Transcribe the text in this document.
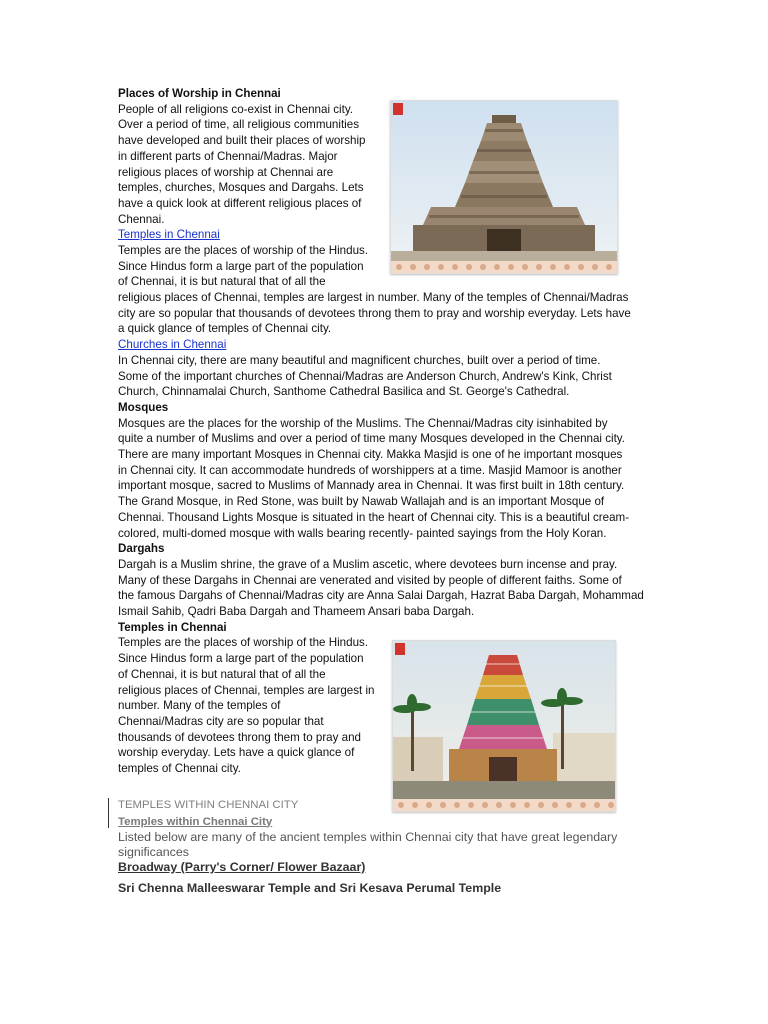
Places of Worship in Chennai

People of all religions co-exist in Chennai city.

Over a period of time, all religious communities

have developed and built their places of worship

in different parts of Chennai/Madras. Major

religious places of worship at Chennai are

temples, churches, Mosques and Dargahs. Lets

have a quick look at different religious places of

Chennai.

Temples in Chennai

Temples are the places of worship of the Hindus.

Since Hindus form a large part of the population

of Chennai, it is but natural that of all the

religious places of Chennai, temples are largest in number. Many of the temples of Chennai/Madras

city are so popular that thousands of devotees throng them to pray and worship everyday. Lets have

a quick glance of temples of Chennai city.

Churches in Chennai

In Chennai city, there are many beautiful and magnificent churches, built over a period of time.

Some of the important churches of Chennai/Madras are Anderson Church, Andrew's Kink, Christ

Church, Chinnamalai Church, Santhome Cathedral Basilica and St. George's Cathedral.

Mosques

Mosques are the places for the worship of the Muslims. The Chennai/Madras city isinhabited by

quite a number of Muslims and over a period of time many Mosques developed in the Chennai city.

There are many important Mosques in Chennai city. Makka Masjid is one of he important mosques

in Chennai city. It can accommodate hundreds of worshippers at a time. Masjid Mamoor is another

important mosque, sacred to Muslims of Mannady area in Chennai. It was first built in 18th century.

The Grand Mosque, in Red Stone, was built by Nawab Wallajah and is an important Mosque of

Chennai. Thousand Lights Mosque is situated in the heart of Chennai city. This is a beautiful cream-

colored, multi-domed mosque with walls bearing recently- painted sayings from the Holy Koran.

Dargahs

Dargah is a Muslim shrine, the grave of a Muslim ascetic, where devotees burn incense and pray.

Many of these Dargahs in Chennai are venerated and visited by people of different faiths. Some of

the famous Dargahs of Chennai/Madras city are Anna Salai Dargah, Hazrat Baba Dargah, Mohammad

Ismail Sahib, Qadri Baba Dargah and Thameem Ansari baba Dargah.

Temples in Chennai

Temples are the places of worship of the Hindus.

Since Hindus form a large part of the population

of Chennai, it is but natural that of all the

religious places of Chennai, temples are largest in

number. Many of the temples of

Chennai/Madras city are so popular that

thousands of devotees throng them to pray and

worship everyday. Lets have a quick glance of

temples of Chennai city.

TEMPLES WITHIN CHENNAI CITY

Temples within Chennai City

Listed below are many of the ancient temples within Chennai city that have great legendary

significances

Broadway (Parry's Corner/ Flower Bazaar)

Sri Chenna Malleeswarar Temple and Sri Kesava Perumal Temple
